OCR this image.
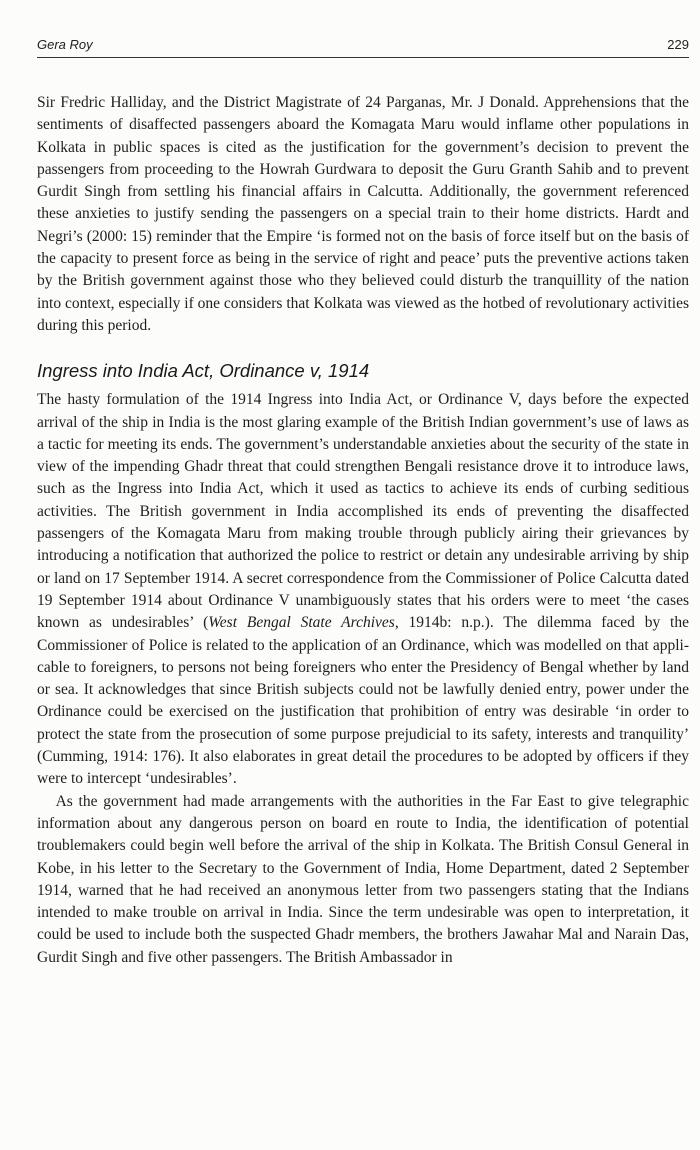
Gera Roy	229

Sir Fredric Halliday, and the District Magistrate of 24 Parganas, Mr. J Donald. Apprehensions that the sentiments of disaffected passengers aboard the Komagata Maru would inflame other populations in Kolkata in public spaces is cited as the justification for the government’s decision to prevent the passengers from proceeding to the Howrah Gurdwara to deposit the Guru Granth Sahib and to prevent Gurdit Singh from settling his financial affairs in Calcutta. Additionally, the government referenced these anxieties to justify sending the passengers on a special train to their home districts. Hardt and Negri’s (2000: 15) reminder that the Empire ‘is formed not on the basis of force itself but on the basis of the capacity to present force as being in the service of right and peace’ puts the preventive actions taken by the British government against those who they believed could disturb the tranquillity of the nation into context, especially if one considers that Kolkata was viewed as the hotbed of revolutionary activities during this period.

Ingress into India Act, Ordinance v, 1914

The hasty formulation of the 1914 Ingress into India Act, or Ordinance V, days before the expected arrival of the ship in India is the most glaring example of the British Indian government’s use of laws as a tactic for meeting its ends. The government’s understandable anxieties about the security of the state in view of the impending Ghadr threat that could strengthen Bengali resistance drove it to introduce laws, such as the Ingress into India Act, which it used as tactics to achieve its ends of curbing seditious activities. The British government in India accomplished its ends of preventing the disaffected passengers of the Komagata Maru from making trouble through publicly airing their grievances by introducing a notification that authorized the police to restrict or detain any undesirable arriving by ship or land on 17 September 1914. A secret correspondence from the Commissioner of Police Calcutta dated 19 September 1914 about Ordinance V unambiguously states that his orders were to meet ‘the cases known as undesirables’ (West Bengal State Archives, 1914b: n.p.). The dilemma faced by the Commissioner of Police is related to the application of an Ordinance, which was modelled on that applicable to foreigners, to persons not being foreigners who enter the Presidency of Bengal whether by land or sea. It acknowledges that since British subjects could not be lawfully denied entry, power under the Ordinance could be exercised on the justification that prohibition of entry was desirable ‘in order to protect the state from the prosecution of some purpose prejudicial to its safety, interests and tranquility’ (Cumming, 1914: 176). It also elaborates in great detail the procedures to be adopted by officers if they were to intercept ‘undesirables’.

As the government had made arrangements with the authorities in the Far East to give telegraphic information about any dangerous person on board en route to India, the identification of potential troublemakers could begin well before the arrival of the ship in Kolkata. The British Consul General in Kobe, in his letter to the Secretary to the Government of India, Home Department, dated 2 September 1914, warned that he had received an anonymous letter from two passengers stating that the Indians intended to make trouble on arrival in India. Since the term undesirable was open to interpretation, it could be used to include both the suspected Ghadr members, the brothers Jawahar Mal and Narain Das, Gurdit Singh and five other passengers. The British Ambassador in
